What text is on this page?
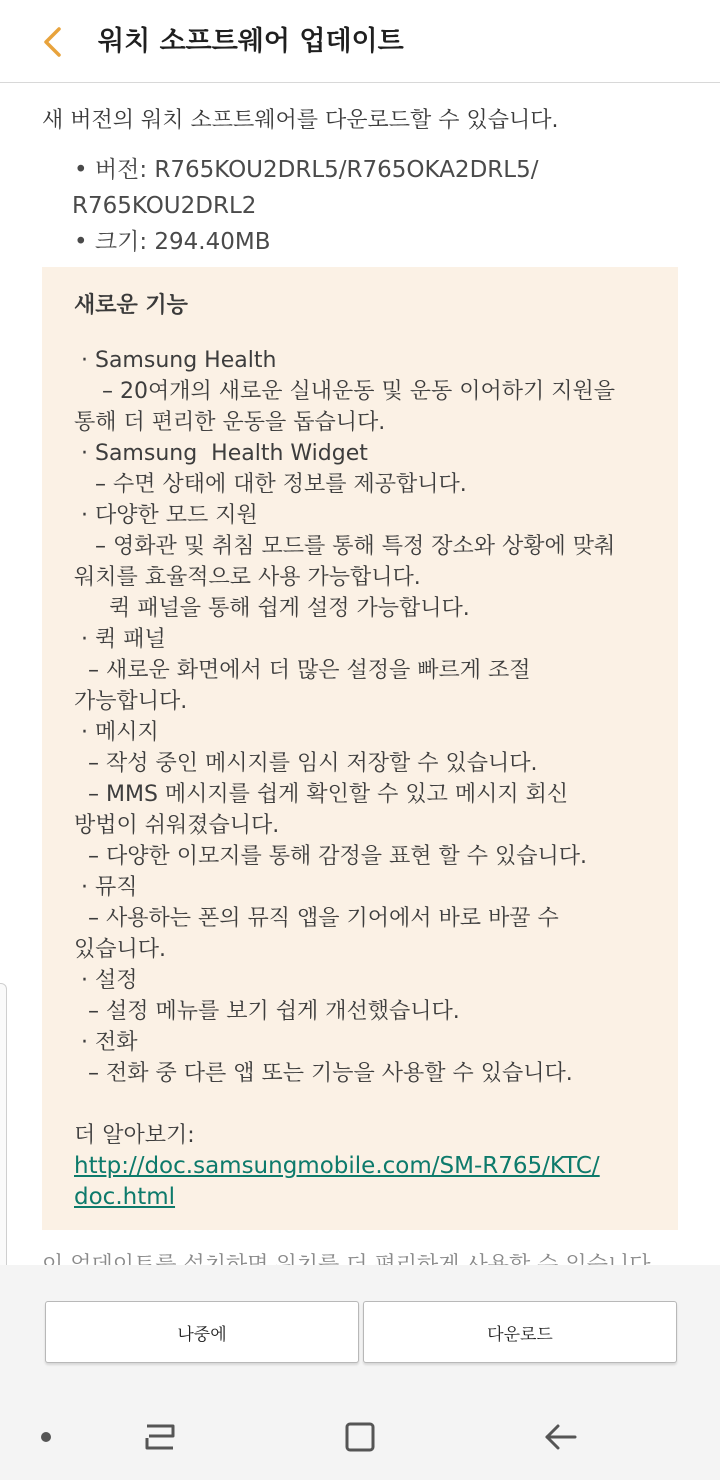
워치 소프트웨어 업데이트
새 버전의 워치 소프트웨어를 다운로드할 수 있습니다.
• 버전: R765KOU2DRL5/R765OKA2DRL5/
R765KOU2DRL2
• 크기: 294.40MB
새로운 기능
· Samsung Health
– 20여개의 새로운 실내운동 및 운동 이어하기 지원을
통해 더 편리한 운동을 돕습니다.
· Samsung  Health Widget
– 수면 상태에 대한 정보를 제공합니다.
· 다양한 모드 지원
– 영화관 및 취침 모드를 통해 특정 장소와 상황에 맞춰
워치를 효율적으로 사용 가능합니다.
퀵 패널을 통해 쉽게 설정 가능합니다.
· 퀵 패널
– 새로운 화면에서 더 많은 설정을 빠르게 조절
가능합니다.
· 메시지
– 작성 중인 메시지를 임시 저장할 수 있습니다.
– MMS 메시지를 쉽게 확인할 수 있고 메시지 회신
방법이 쉬워졌습니다.
– 다양한 이모지를 통해 감정을 표현 할 수 있습니다.
· 뮤직
– 사용하는 폰의 뮤직 앱을 기어에서 바로 바꿀 수
있습니다.
· 설정
– 설정 메뉴를 보기 쉽게 개선했습니다.
· 전화
– 전화 중 다른 앱 또는 기능을 사용할 수 있습니다.
더 알아보기:
http://doc.samsungmobile.com/SM-R765/KTC/
doc.html
나중에	다운로드
